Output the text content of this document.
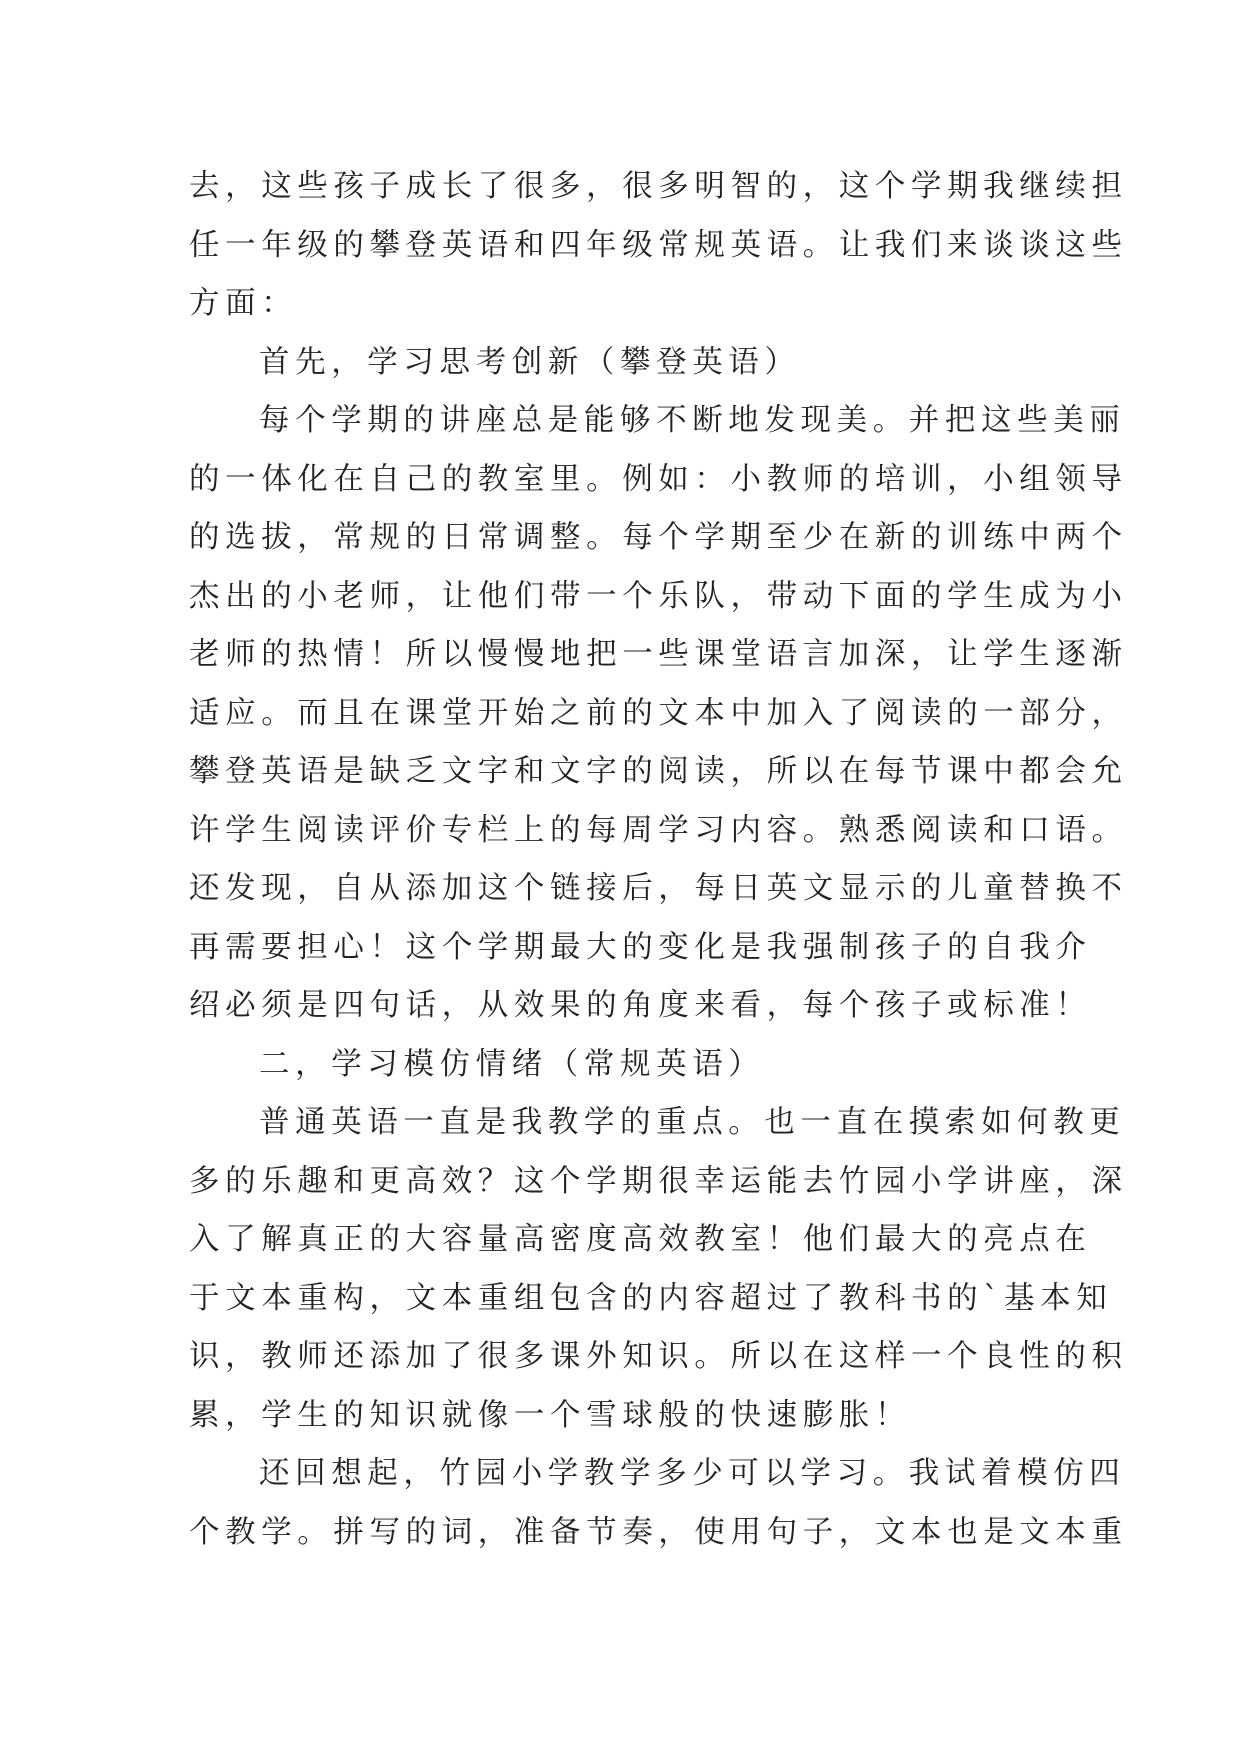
去，这些孩子成长了很多，很多明智的，这个学期我继续担
任一年级的攀登英语和四年级常规英语。让我们来谈谈这些
方面：
首先，学习思考创新（攀登英语）
每个学期的讲座总是能够不断地发现美。并把这些美丽
的一体化在自己的教室里。例如：小教师的培训，小组领导
的选拔，常规的日常调整。每个学期至少在新的训练中两个
杰出的小老师，让他们带一个乐队，带动下面的学生成为小
老师的热情！所以慢慢地把一些课堂语言加深，让学生逐渐
适应。而且在课堂开始之前的文本中加入了阅读的一部分，
攀登英语是缺乏文字和文字的阅读，所以在每节课中都会允
许学生阅读评价专栏上的每周学习内容。熟悉阅读和口语。
还发现，自从添加这个链接后，每日英文显示的儿童替换不
再需要担心！这个学期最大的变化是我强制孩子的自我介
绍必须是四句话，从效果的角度来看，每个孩子或标准！
二，学习模仿情绪（常规英语）
普通英语一直是我教学的重点。也一直在摸索如何教更
多的乐趣和更高效？这个学期很幸运能去竹园小学讲座，深
入了解真正的大容量高密度高效教室！他们最大的亮点在
于文本重构，文本重组包含的内容超过了教科书的`基本知
识，教师还添加了很多课外知识。所以在这样一个良性的积
累，学生的知识就像一个雪球般的快速膨胀！
还回想起，竹园小学教学多少可以学习。我试着模仿四
个教学。拼写的词，准备节奏，使用句子，文本也是文本重
